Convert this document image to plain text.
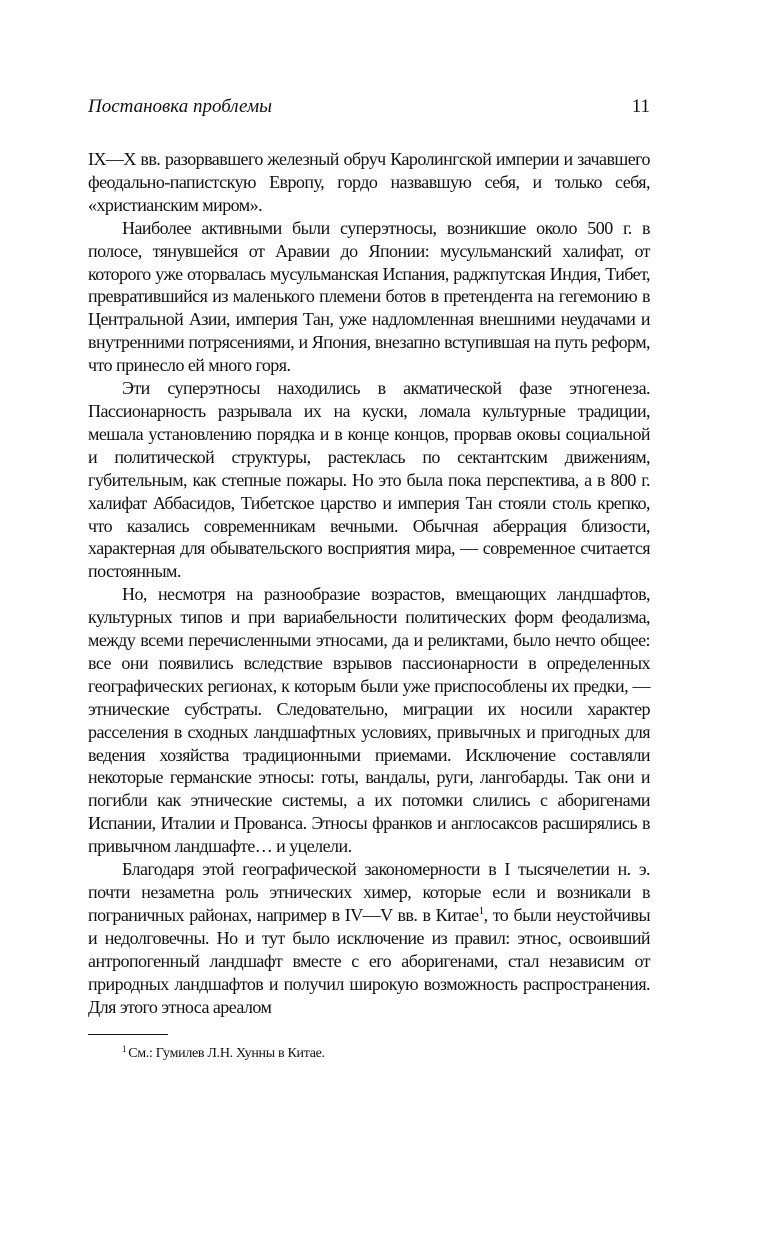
Постановка проблемы	11

IX—X вв. разорвавшего железный обруч Каролингской империи и зачавшего феодально-папистскую Европу, гордо назвавшую себя, и только себя, «христианским миром».

Наиболее активными были суперэтносы, возникшие около 500 г. в полосе, тянувшейся от Аравии до Японии: мусульманский халифат, от которого уже оторвалась мусульманская Испания, раджпутская Индия, Тибет, превратившийся из маленького племени ботов в претендента на гегемонию в Центральной Азии, империя Тан, уже надломленная внешними неудачами и внутренними потрясениями, и Япония, внезапно вступившая на путь реформ, что принесло ей много горя.

Эти суперэтносы находились в акматической фазе этногенеза. Пассионарность разрывала их на куски, ломала культурные традиции, мешала установлению порядка и в конце концов, прорвав оковы социальной и политической структуры, растеклась по сектантским движениям, губительным, как степные пожары. Но это была пока перспектива, а в 800 г. халифат Аббасидов, Тибетское царство и империя Тан стояли столь крепко, что казались современникам вечными. Обычная аберрация близости, характерная для обывательского восприятия мира, — современное считается постоянным.

Но, несмотря на разнообразие возрастов, вмещающих ландшафтов, культурных типов и при вариабельности политических форм феодализма, между всеми перечисленными этносами, да и реликтами, было нечто общее: все они появились вследствие взрывов пассионарности в определенных географических регионах, к которым были уже приспособлены их предки, — этнические субстраты. Следовательно, миграции их носили характер расселения в сходных ландшафтных условиях, привычных и пригодных для ведения хозяйства традиционными приемами. Исключение составляли некоторые германские этносы: готы, вандалы, руги, лангобарды. Так они и погибли как этнические системы, а их потомки слились с аборигенами Испании, Италии и Прованса. Этносы франков и англосаксов расширялись в привычном ландшафте… и уцелели.

Благодаря этой географической закономерности в I тысячелетии н. э. почти незаметна роль этнических химер, которые если и возникали в пограничных районах, например в IV—V вв. в Китае$^1$, то были неустойчивы и недолговечны. Но и тут было исключение из правил: этнос, освоивший антропогенный ландшафт вместе с его аборигенами, стал независим от природных ландшафтов и получил широкую возможность распространения. Для этого этноса ареалом

$^1$ См.: Гумилев Л.Н. Хунны в Китае.
